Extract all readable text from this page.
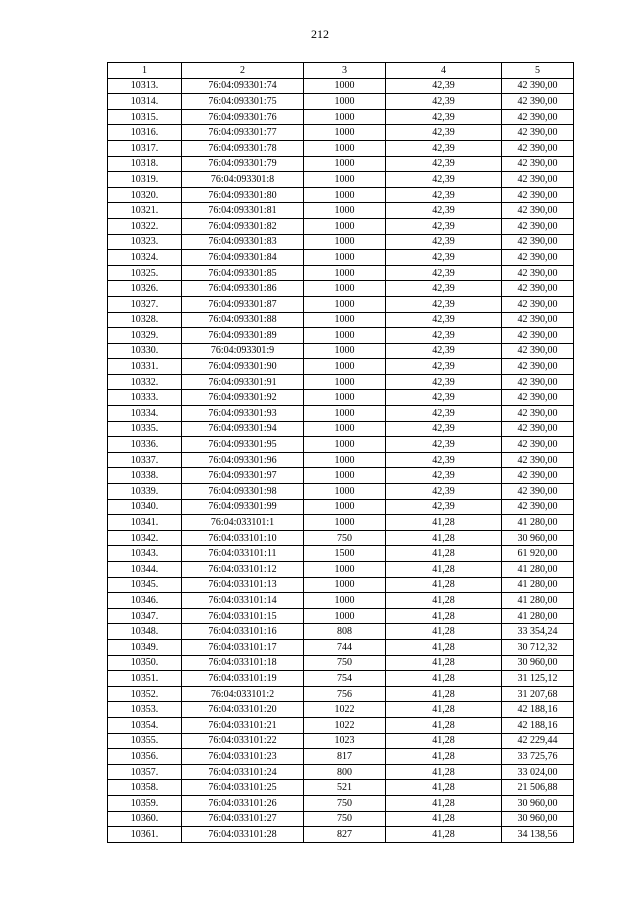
212
1	2	3	4	5
10313.	76:04:093301:74	1000	42,39	42 390,00
10314.	76:04:093301:75	1000	42,39	42 390,00
10315.	76:04:093301:76	1000	42,39	42 390,00
10316.	76:04:093301:77	1000	42,39	42 390,00
10317.	76:04:093301:78	1000	42,39	42 390,00
10318.	76:04:093301:79	1000	42,39	42 390,00
10319.	76:04:093301:8	1000	42,39	42 390,00
10320.	76:04:093301:80	1000	42,39	42 390,00
10321.	76:04:093301:81	1000	42,39	42 390,00
10322.	76:04:093301:82	1000	42,39	42 390,00
10323.	76:04:093301:83	1000	42,39	42 390,00
10324.	76:04:093301:84	1000	42,39	42 390,00
10325.	76:04:093301:85	1000	42,39	42 390,00
10326.	76:04:093301:86	1000	42,39	42 390,00
10327.	76:04:093301:87	1000	42,39	42 390,00
10328.	76:04:093301:88	1000	42,39	42 390,00
10329.	76:04:093301:89	1000	42,39	42 390,00
10330.	76:04:093301:9	1000	42,39	42 390,00
10331.	76:04:093301:90	1000	42,39	42 390,00
10332.	76:04:093301:91	1000	42,39	42 390,00
10333.	76:04:093301:92	1000	42,39	42 390,00
10334.	76:04:093301:93	1000	42,39	42 390,00
10335.	76:04:093301:94	1000	42,39	42 390,00
10336.	76:04:093301:95	1000	42,39	42 390,00
10337.	76:04:093301:96	1000	42,39	42 390,00
10338.	76:04:093301:97	1000	42,39	42 390,00
10339.	76:04:093301:98	1000	42,39	42 390,00
10340.	76:04:093301:99	1000	42,39	42 390,00
10341.	76:04:033101:1	1000	41,28	41 280,00
10342.	76:04:033101:10	750	41,28	30 960,00
10343.	76:04:033101:11	1500	41,28	61 920,00
10344.	76:04:033101:12	1000	41,28	41 280,00
10345.	76:04:033101:13	1000	41,28	41 280,00
10346.	76:04:033101:14	1000	41,28	41 280,00
10347.	76:04:033101:15	1000	41,28	41 280,00
10348.	76:04:033101:16	808	41,28	33 354,24
10349.	76:04:033101:17	744	41,28	30 712,32
10350.	76:04:033101:18	750	41,28	30 960,00
10351.	76:04:033101:19	754	41,28	31 125,12
10352.	76:04:033101:2	756	41,28	31 207,68
10353.	76:04:033101:20	1022	41,28	42 188,16
10354.	76:04:033101:21	1022	41,28	42 188,16
10355.	76:04:033101:22	1023	41,28	42 229,44
10356.	76:04:033101:23	817	41,28	33 725,76
10357.	76:04:033101:24	800	41,28	33 024,00
10358.	76:04:033101:25	521	41,28	21 506,88
10359.	76:04:033101:26	750	41,28	30 960,00
10360.	76:04:033101:27	750	41,28	30 960,00
10361.	76:04:033101:28	827	41,28	34 138,56
